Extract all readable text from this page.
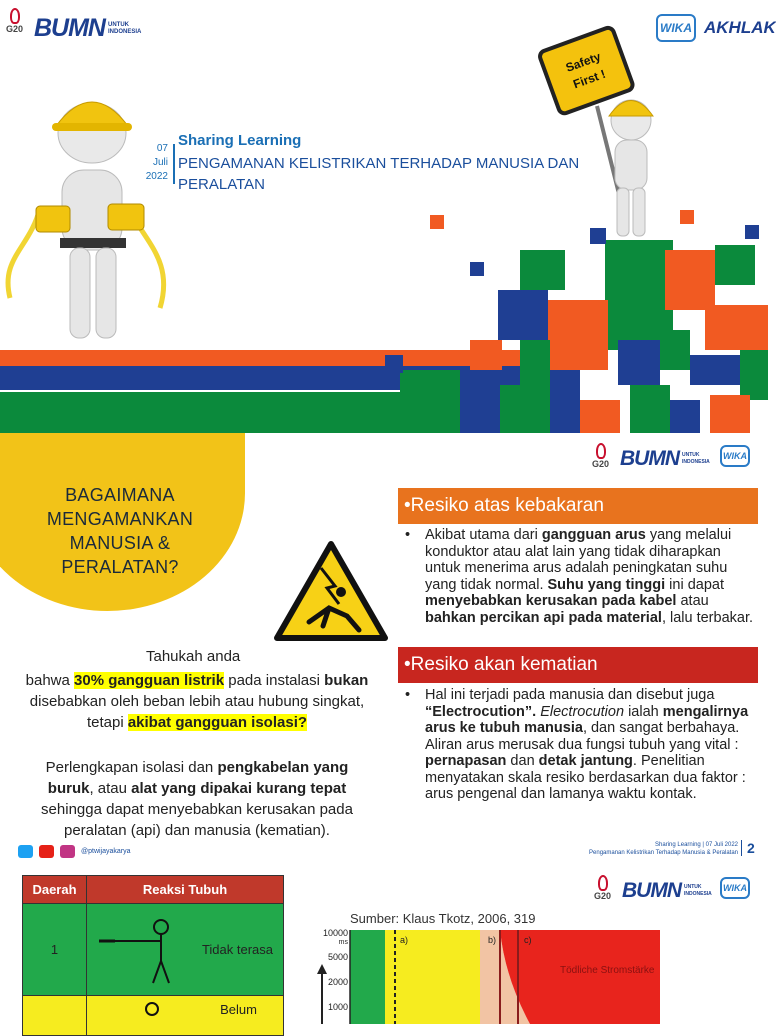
G20 BUMN UNTUK INDONESIA	WIKA AKHLAK
07
Juli
2022
Sharing Learning
PENGAMANAN KELISTRIKAN TERHADAP MANUSIA DAN
PERALATAN
Safety
First !
BAGAIMANA MENGAMANKAN MANUSIA & PERALATAN?
G20 BUMN UNTUK INDONESIA
WIKA
Tahukah anda
bahwa 30% gangguan listrik pada instalasi bukan disebabkan oleh beban lebih atau hubung singkat, tetapi akibat gangguan isolasi?
Perlengkapan isolasi dan pengkabelan yang buruk, atau alat yang dipakai kurang tepat sehingga dapat menyebabkan kerusakan pada peralatan (api) dan manusia (kematian).
•Resiko atas kebakaran
• Akibat utama dari gangguan arus yang melalui konduktor atau alat lain yang tidak diharapkan untuk menerima arus adalah peningkatan suhu yang tidak normal. Suhu yang tinggi ini dapat menyebabkan kerusakan pada kabel atau bahkan percikan api pada material, lalu terbakar.
•Resiko akan kematian
• Hal ini terjadi pada manusia dan disebut juga “Electrocution”. Electrocution ialah mengalirnya arus ke tubuh manusia, dan sangat berbahaya. Aliran arus merusak dua fungsi tubuh yang vital : pernapasan dan detak jantung. Penelitian menyatakan skala resiko berdasarkan dua faktor : arus pengenal dan lamanya waktu kontak.
@ptwijayakarya
Sharing Learning | 07 Juli 2022
Pengamanan Kelistrikan Terhadap Manusia & Peralatan 2
Daerah	Reaksi Tubuh
1	Tidak terasa

	Belum
G20 BUMN UNTUK INDONESIA
WIKA
Sumber: Klaus Tkotz, 2006, 319
10000
ms
5000
2000
1000
a)	b)	c)
Tödliche Stromstärke
